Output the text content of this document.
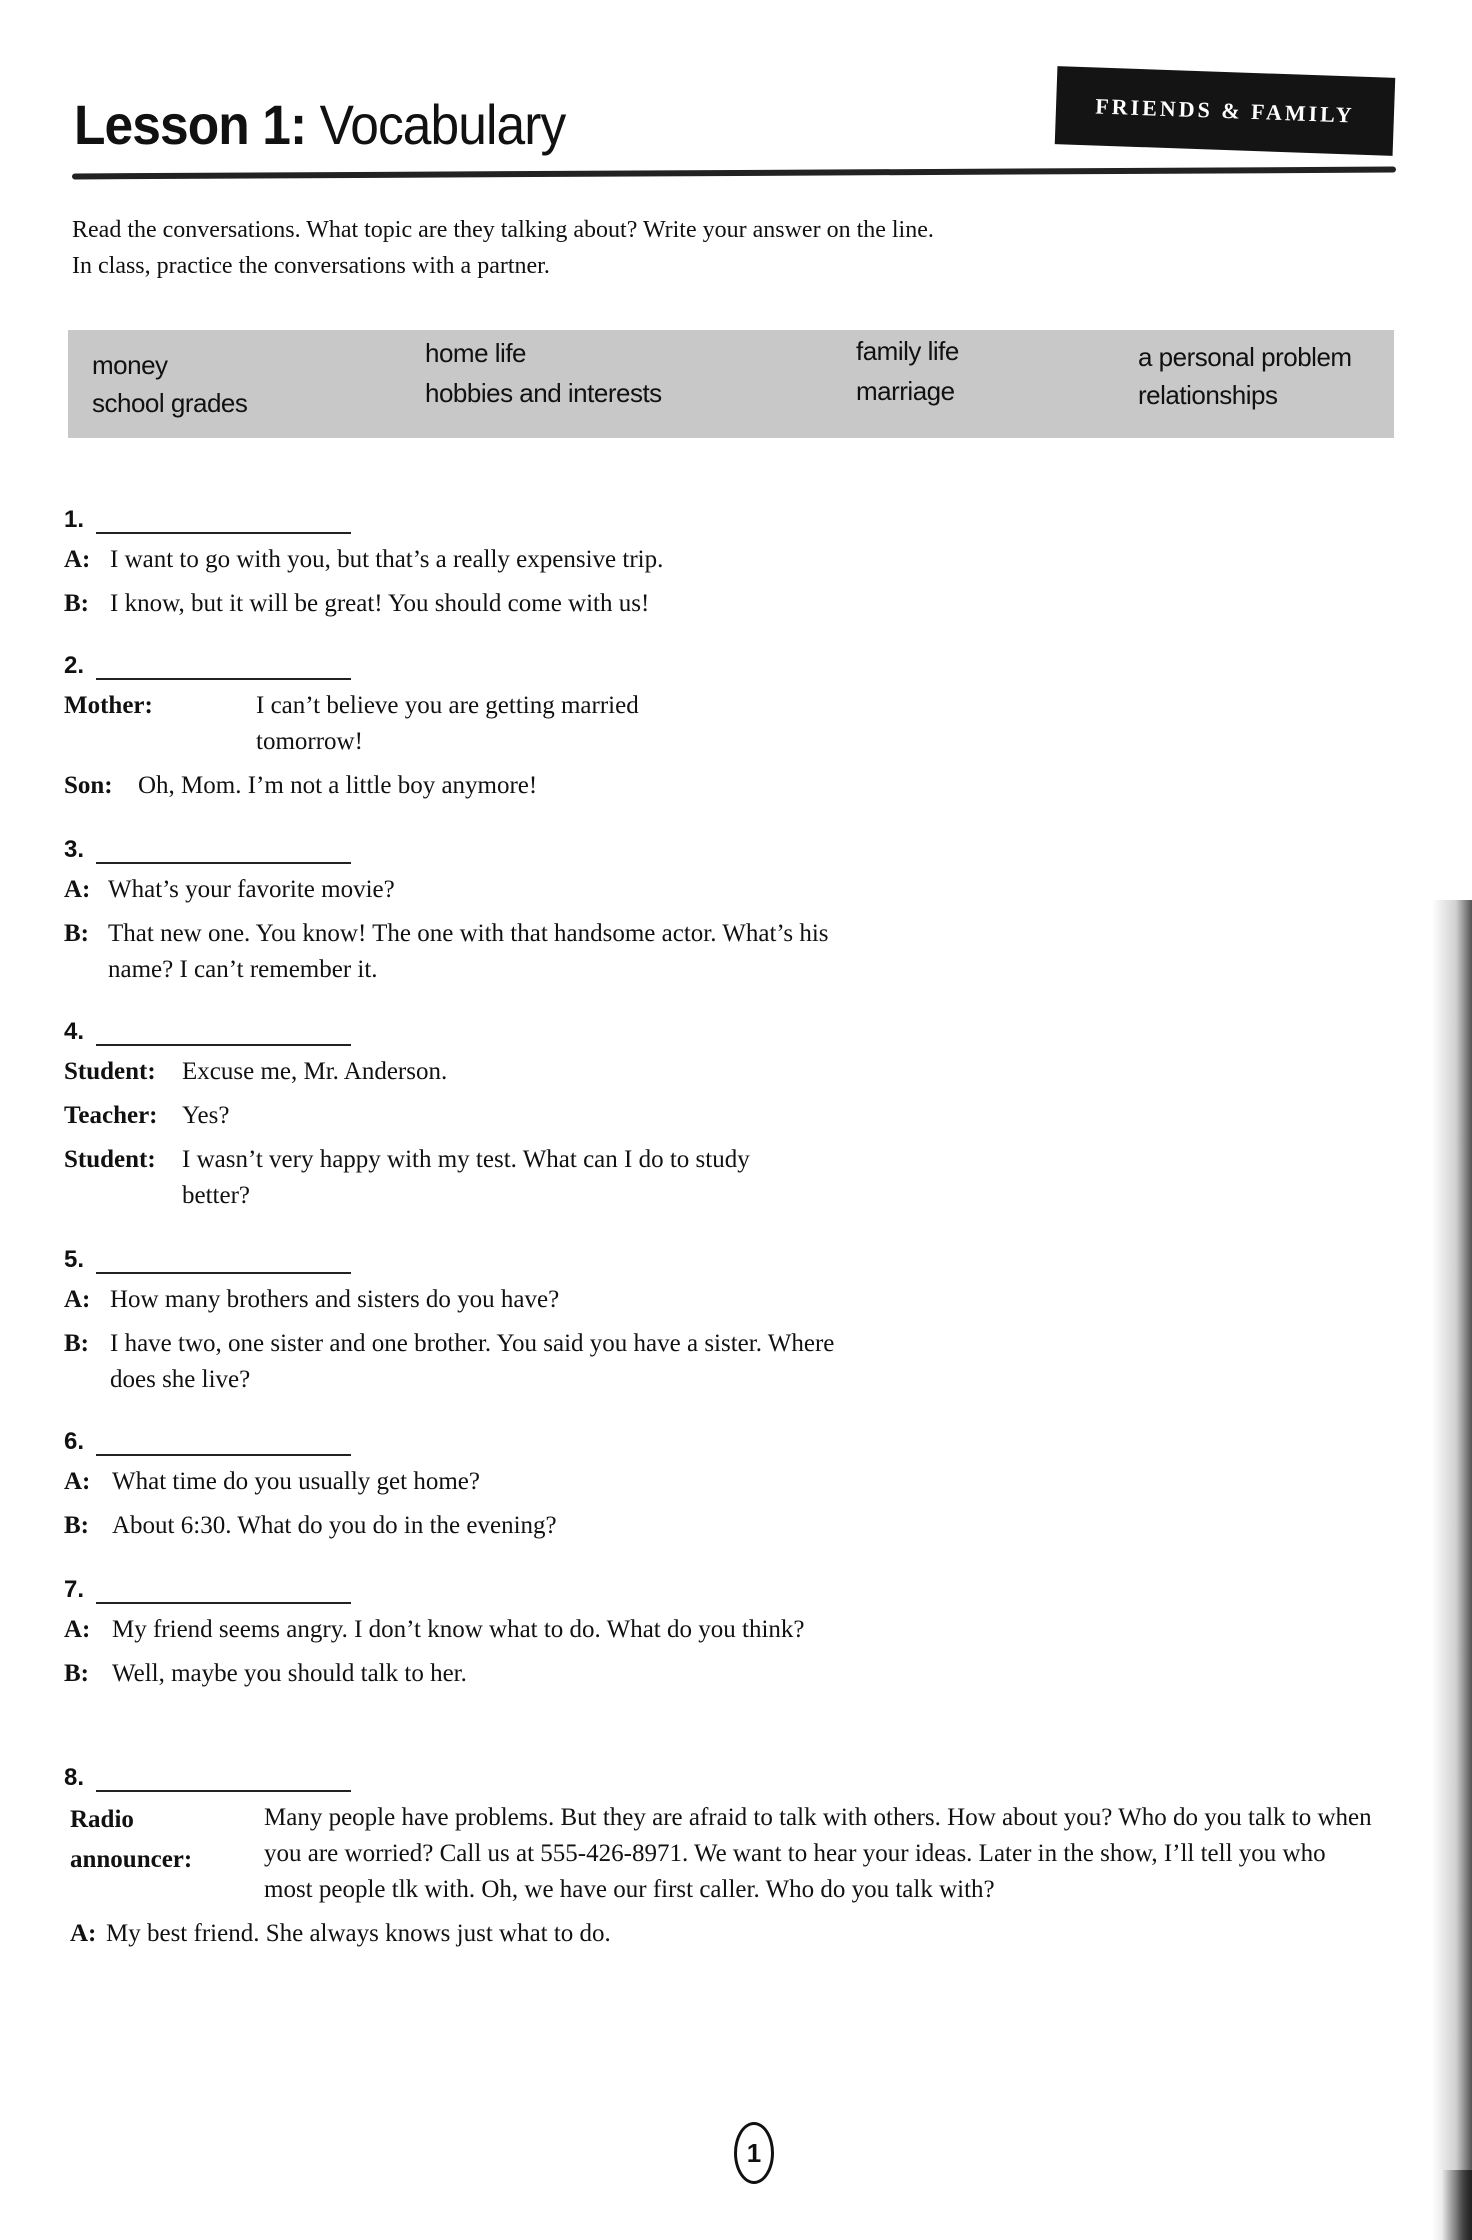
Lesson 1: Vocabulary	FRIENDS & FAMILY
Read the conversations. What topic are they talking about? Write your answer on the line.
In class, practice the conversations with a partner.
money
school grades
home life
hobbies and interests
family life
marriage
a personal problem
relationships
1.
A: I want to go with you, but that’s a really expensive trip.
B: I know, but it will be great! You should come with us!
2.
Mother:	I can’t believe you are getting married tomorrow!
Son:	Oh, Mom. I’m not a little boy anymore!
3.
A: What’s your favorite movie?
B: That new one. You know! The one with that handsome actor. What’s his name? I can’t remember it.
4.
Student:	Excuse me, Mr. Anderson.
Teacher: Yes?
Student:	I wasn’t very happy with my test. What can I do to study better?
5.
A: How many brothers and sisters do you have?
B: I have two, one sister and one brother. You said you have a sister. Where does she live?
6.
A: What time do you usually get home?
B: About 6:30. What do you do in the evening?
7.
A: My friend seems angry. I don’t know what to do. What do you think?
B: Well, maybe you should talk to her.
8.
Radio announcer:
Many people have problems. But they are afraid to talk with others. How about you? Who do you talk to when you are worried? Call us at 555-426-8971. We want to hear your ideas. Later in the show, I’ll tell you who most people tlk with. Oh, we have our first caller. Who do you talk with?
A: My best friend. She always knows just what to do.
1
